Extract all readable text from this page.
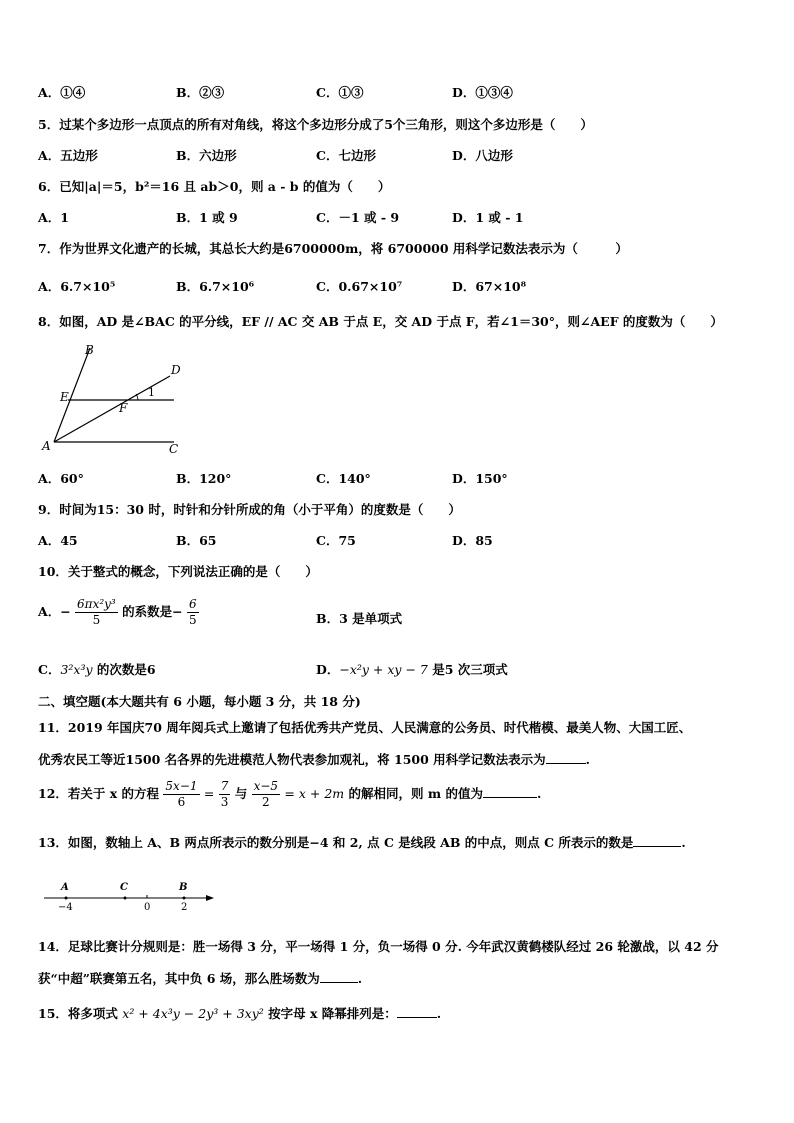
A．①④	B．②③	C．①③	D．①③④
5．过某个多边形一点顶点的所有对角线，将这个多边形分成了5个三角形，则这个多边形是（　　）
A．五边形	B．六边形	C．七边形	D．八边形
6．已知|a|＝5，b²＝16 且 ab＞0，则 a - b 的值为（　　）
A．1	B．1 或 9	C．－1 或 - 9	D．1 或 - 1
7．作为世界文化遗产的长城，其总长大约是6700000m，将 6700000 用科学记数法表示为（　　　）
A．6.7×10⁵	B．6.7×10⁶	C．0.67×10⁷	D．67×10⁸
8．如图，AD 是∠BAC 的平分线，EF // AC 交 AB 于点 E，交 AD 于点 F，若∠1＝30°，则∠AEF 的度数为（　　）
B
D
E
F
1
A	C
A．60°	B．120°	C．140°	D．150°
9．时间为15：30 时，时针和分针所成的角（小于平角）的度数是（　　）
A．45	B．65	C．75	D．85
10．关于整式的概念，下列说法正确的是（　　）
A．− $\frac{\text{6πx²y³}}{5}$ 的系数是− $\frac{6}{5}$	B．3 是单项式
C．3²x³y 的次数是6	D．−x²y + xy − 7 是5 次三项式
二、填空题(本大题共有 6 小题，每小题 3 分，共 18 分)
11．2019 年国庆70 周年阅兵式上邀请了包括优秀共产党员、人民满意的公务员、时代楷模、最美人物、大国工匠、
优秀农民工等近1500 名各界的先进模范人物代表参加观礼，将 1500 用科学记数法表示为	.
12．若关于 x 的方程 $\frac{5x-1}{6} = \frac{7}{3}$ 与 $\frac{x-5}{2} = x + 2m$ 的解相同，则 m 的值为	.
13．如图，数轴上 A、B 两点所表示的数分别是−4 和 2, 点 C 是线段 AB 的中点，则点 C 所表示的数是	.
A	C	B
−4	0	2
14．足球比赛计分规则是：胜一场得 3 分，平一场得 1 分，负一场得 0 分. 今年武汉黄鹤楼队经过 26 轮激战，以 42 分
获“中超”联赛第五名，其中负 6 场，那么胜场数为	.
15．将多项式 x² + 4x³y − 2y³ + 3xy² 按字母 x 降幂排列是：	.
